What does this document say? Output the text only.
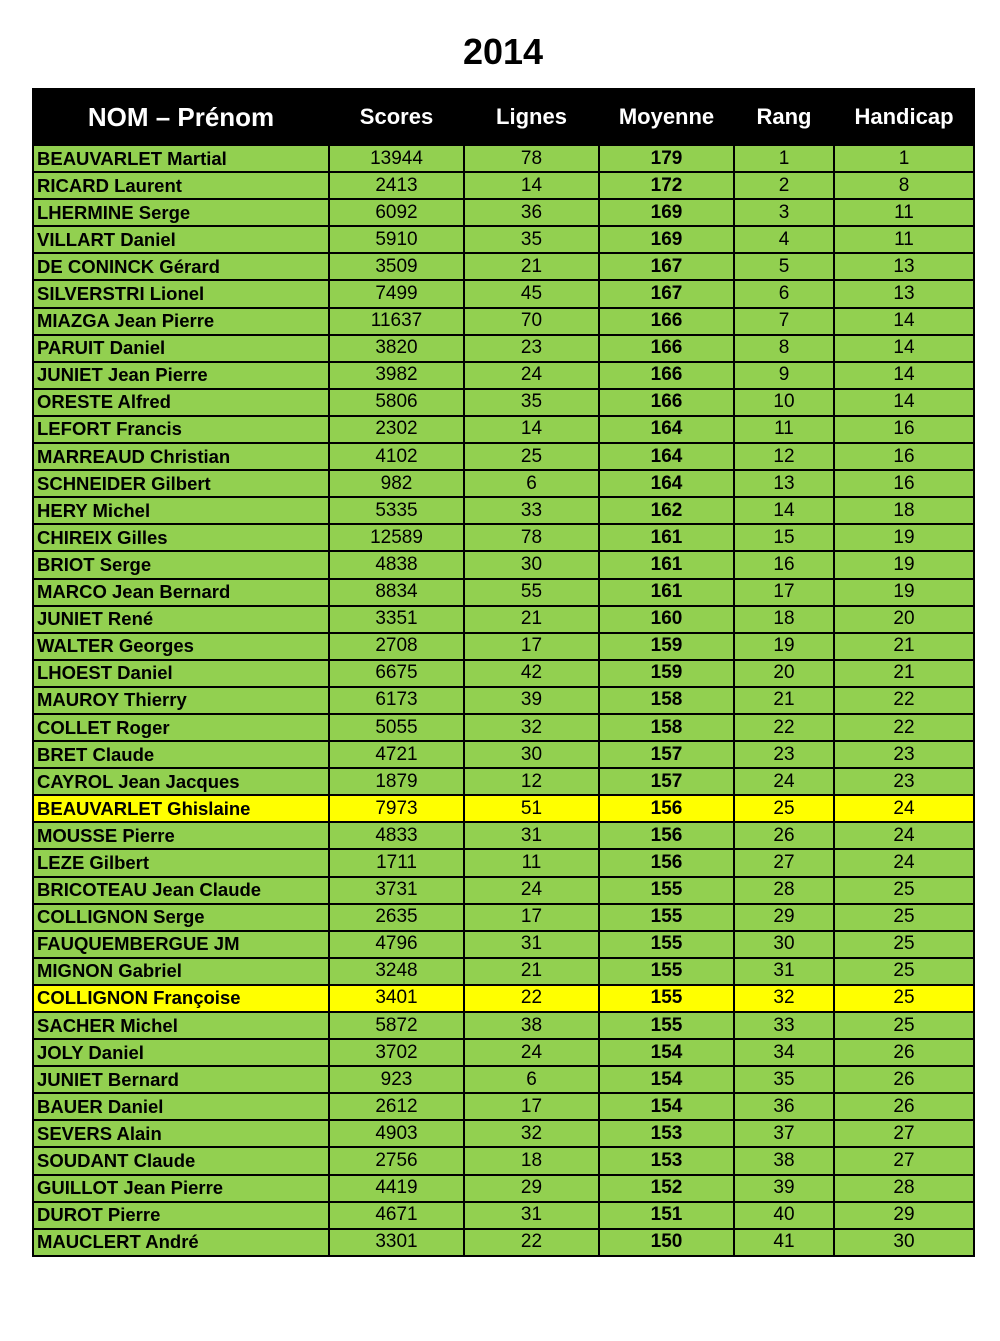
2014
NOM – Prénom	Scores	Lignes	Moyenne	Rang	Handicap
BEAUVARLET Martial	13944	78	179	1	1
RICARD Laurent	2413	14	172	2	8
LHERMINE Serge	6092	36	169	3	11
VILLART Daniel	5910	35	169	4	11
DE CONINCK Gérard	3509	21	167	5	13
SILVERSTRI Lionel	7499	45	167	6	13
MIAZGA Jean Pierre	11637	70	166	7	14
PARUIT Daniel	3820	23	166	8	14
JUNIET Jean Pierre	3982	24	166	9	14
ORESTE Alfred	5806	35	166	10	14
LEFORT Francis	2302	14	164	11	16
MARREAUD Christian	4102	25	164	12	16
SCHNEIDER Gilbert	982	6	164	13	16
HERY Michel	5335	33	162	14	18
CHIREIX Gilles	12589	78	161	15	19
BRIOT Serge	4838	30	161	16	19
MARCO Jean Bernard	8834	55	161	17	19
JUNIET René	3351	21	160	18	20
WALTER Georges	2708	17	159	19	21
LHOEST Daniel	6675	42	159	20	21
MAUROY Thierry	6173	39	158	21	22
COLLET Roger	5055	32	158	22	22
BRET Claude	4721	30	157	23	23
CAYROL Jean Jacques	1879	12	157	24	23
BEAUVARLET Ghislaine	7973	51	156	25	24
MOUSSE Pierre	4833	31	156	26	24
LEZE Gilbert	1711	11	156	27	24
BRICOTEAU Jean Claude	3731	24	155	28	25
COLLIGNON Serge	2635	17	155	29	25
FAUQUEMBERGUE JM	4796	31	155	30	25
MIGNON Gabriel	3248	21	155	31	25
COLLIGNON Françoise	3401	22	155	32	25
SACHER Michel	5872	38	155	33	25
JOLY Daniel	3702	24	154	34	26
JUNIET Bernard	923	6	154	35	26
BAUER Daniel	2612	17	154	36	26
SEVERS Alain	4903	32	153	37	27
SOUDANT Claude	2756	18	153	38	27
GUILLOT Jean Pierre	4419	29	152	39	28
DUROT Pierre	4671	31	151	40	29
MAUCLERT André	3301	22	150	41	30
